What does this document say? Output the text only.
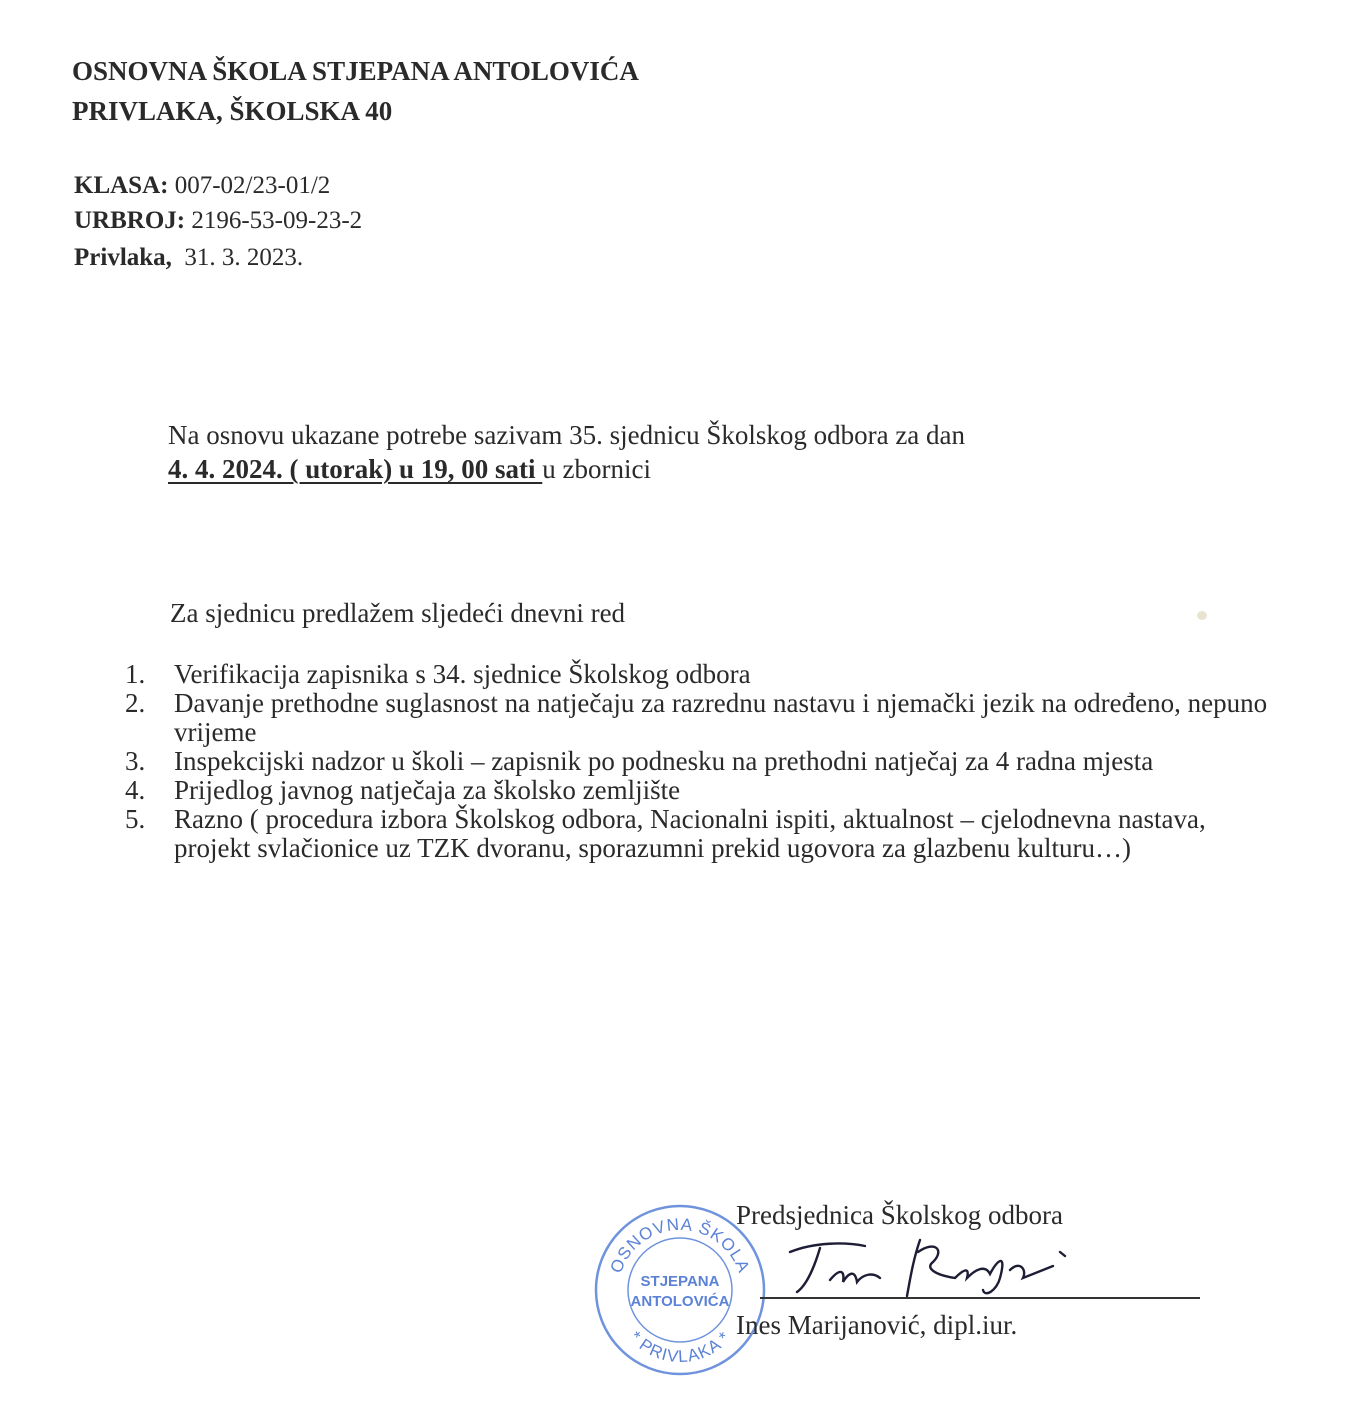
OSNOVNA ŠKOLA STJEPANA ANTOLOVIĆA
PRIVLAKA, ŠKOLSKA 40
KLASA: 007-02/23-01/2
URBROJ: 2196-53-09-23-2
Privlaka, 31. 3. 2023.
Na osnovu ukazane potrebe sazivam 35. sjednicu Školskog odbora za dan
4. 4. 2024. ( utorak) u 19, 00 sati u zbornici
Za sjednicu predlažem sljedeći dnevni red
1. Verifikacija zapisnika s 34. sjednice Školskog odbora
2. Davanje prethodne suglasnost na natječaju za razrednu nastavu i njemački jezik na određeno, nepuno vrijeme
3. Inspekcijski nadzor u školi – zapisnik po podnesku na prethodni natječaj za 4 radna mjesta
4. Prijedlog javnog natječaja za školsko zemljište
5. Razno ( procedura izbora Školskog odbora, Nacionalni ispiti, aktualnost – cjelodnevna nastava, projekt svlačionice uz TZK dvoranu, sporazumni prekid ugovora za glazbenu kulturu…)
OSNOVNA ŠKOLA
STJEPANA
ANTOLOVIĆA
* PRIVLAKA *
Predsjednica Školskog odbora
Ines Marijanović, dipl.iur.
